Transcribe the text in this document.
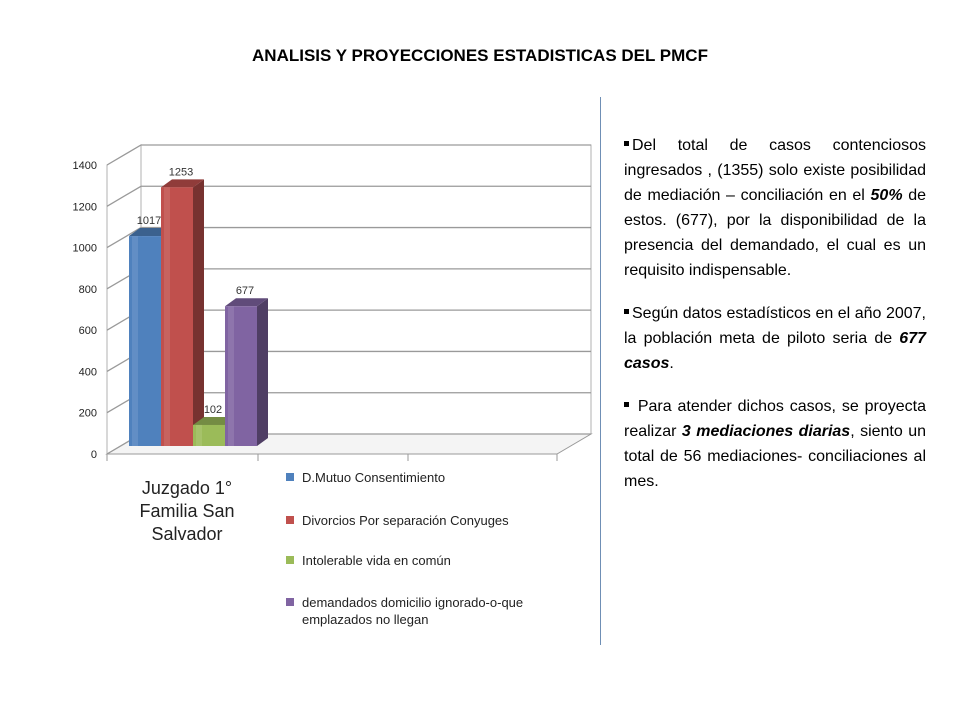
ANALISIS Y PROYECCIONES ESTADISTICAS DEL PMCF
0
200
400
600
800
1000
1200
1400
1017
1253
102
677
Juzgado 1°
Familia San
Salvador
D.Mutuo Consentimiento
Divorcios Por separación Conyuges
Intolerable vida en común
demandados domicilio ignorado-o-que
emplazados no llegan

Del total de casos contenciosos ingresados , (1355) solo existe posibilidad de mediación – conciliación en el 50% de estos. (677), por la disponibilidad de la presencia del demandado, el cual es un requisito indispensable.

Según datos estadísticos en el año 2007, la población meta de piloto seria de 677 casos.

Para atender dichos casos, se proyecta realizar 3 mediaciones diarias, siento un total de 56 mediaciones- conciliaciones al mes.
